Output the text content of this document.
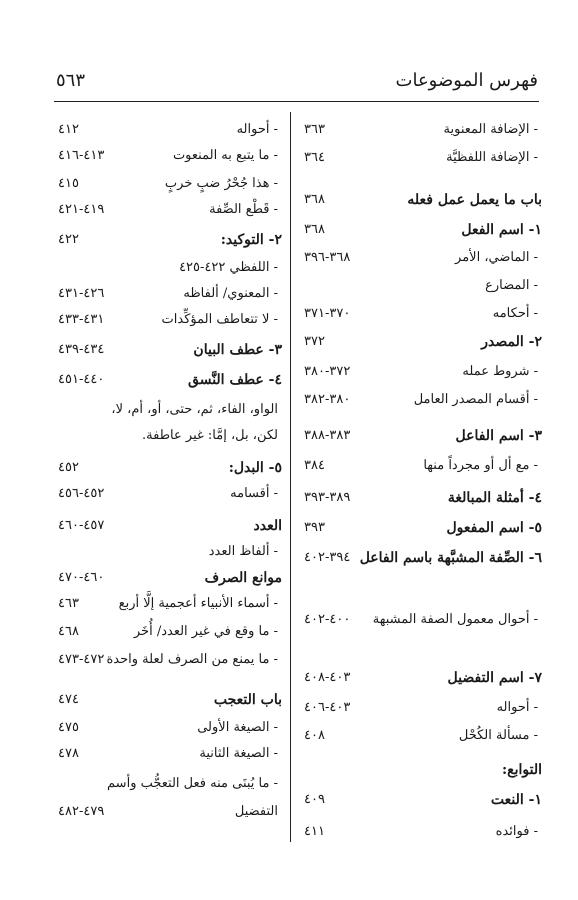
فهرس الموضوعات
٥٦٣
- الإضافة المعنوية
٣٦٣
- الإضافة اللفظيَّة
٣٦٤
باب ما يعمل عمل فعله
٣٦٨
١- اسم الفعل
٣٦٨
- الماضي، الأمر
٣٦٨-٣٩٦
- المضارع
- أحكامه
٣٧٠-٣٧١
٢- المصدر
٣٧٢
- شروط عمله
٣٧٢-٣٨٠
- أقسام المصدر العامل
٣٨٠-٣٨٢
٣- اسم الفاعل
٣٨٣-٣٨٨
- مع أل أو مجرداً منها
٣٨٤
٤- أمثلة المبالغة
٣٨٩-٣٩٣
٥- اسم المفعول
٣٩٣
٦- الصِّفة المشبَّهة باسم الفاعل
٣٩٤-٤٠٢
- أحوال معمول الصفة المشبهة
٤٠٠-٤٠٢
٧- اسم التفضيل
٤٠٣-٤٠٨
- أحواله
٤٠٣-٤٠٦
- مسألة الكُحْل
٤٠٨
التوابع:
١- النعت
٤٠٩
- فوائده
٤١١
- أحواله
٤١٢
- ما يتبع به المنعوت
٤١٣-٤١٦
- هذا جُحْرُ ضبٍ خربٍ
٤١٥
- قَطْع الصِّفة
٤١٩-٤٢١
٢- التوكيد:
٤٢٢
- اللفظي ٤٢٢-٤٢٥
- المعنوي/ ألفاظه
٤٢٦-٤٣١
- لا تتعاطف المؤكِّدات
٤٣١-٤٣٣
٣- عطف البيان
٤٣٤-٤٣٩
٤- عطف النَّسق
٤٤٠-٤٥١
الواو، الفاء، ثم، حتى، أو، أم، لا،
لكن، بل، إمَّا: غير عاطفة.
٥- البدل:
٤٥٢
- أقسامه
٤٥٢-٤٥٦
العدد
٤٥٧-٤٦٠
- ألفاظ العدد
موانع الصرف
٤٦٠-٤٧٠
- أسماء الأنبياء أعجمية إلَّا أربع
٤٦٣
- ما وقع في غير العدد/ أُخَر
٤٦٨
- ما يمنع من الصرف لعلة واحدة
٤٧٢-٤٧٣
باب التعجب
٤٧٤
- الصيغة الأولى
٤٧٥
- الصيغة الثانية
٤٧٨
- ما يُبنَى منه فعل التعجُّب وأسم
التفضيل
٤٧٩-٤٨٢
